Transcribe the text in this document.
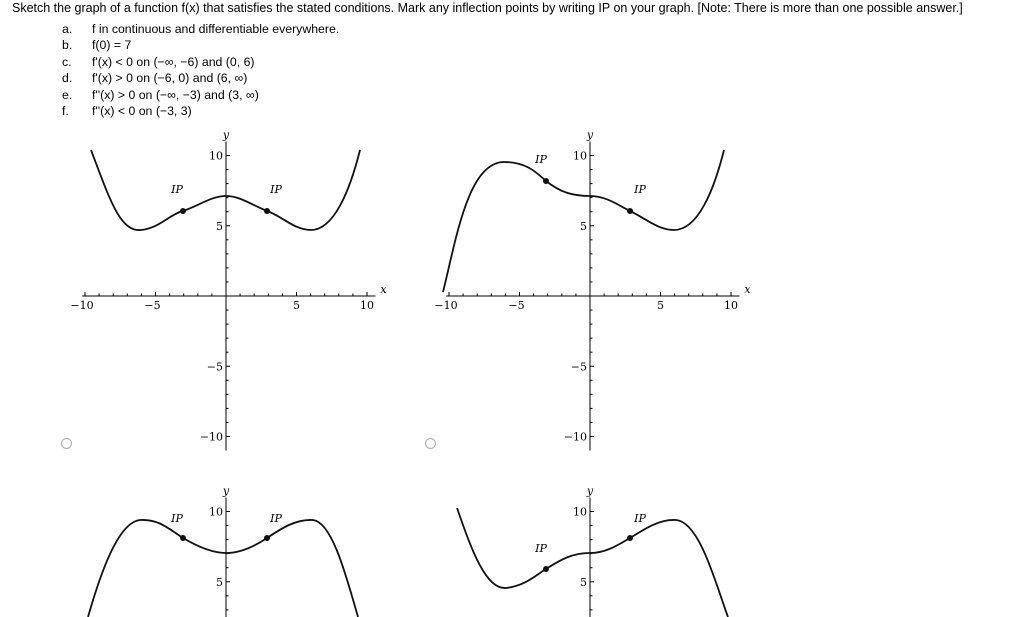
Sketch the graph of a function f(x) that satisfies the stated conditions. Mark any inflection points by writing IP on your graph. [Note: There is more than one possible answer.]
a. f in continuous and differentiable everywhere.
b. f(0) = 7
c. f'(x) < 0 on (−∞, −6) and (0, 6)
d. f'(x) > 0 on (−6, 0) and (6, ∞)
e. f''(x) > 0 on (−∞, −3) and (3, ∞)
f. f''(x) < 0 on (−3, 3)
−10	−5	5	10
10
5
−5
−10
y
x
IP	IP
−10	−5	5	10
10
5
−5
−10
y
x
IP
IP
10
5
y
IP	IP	10
5
y
IP
IP
